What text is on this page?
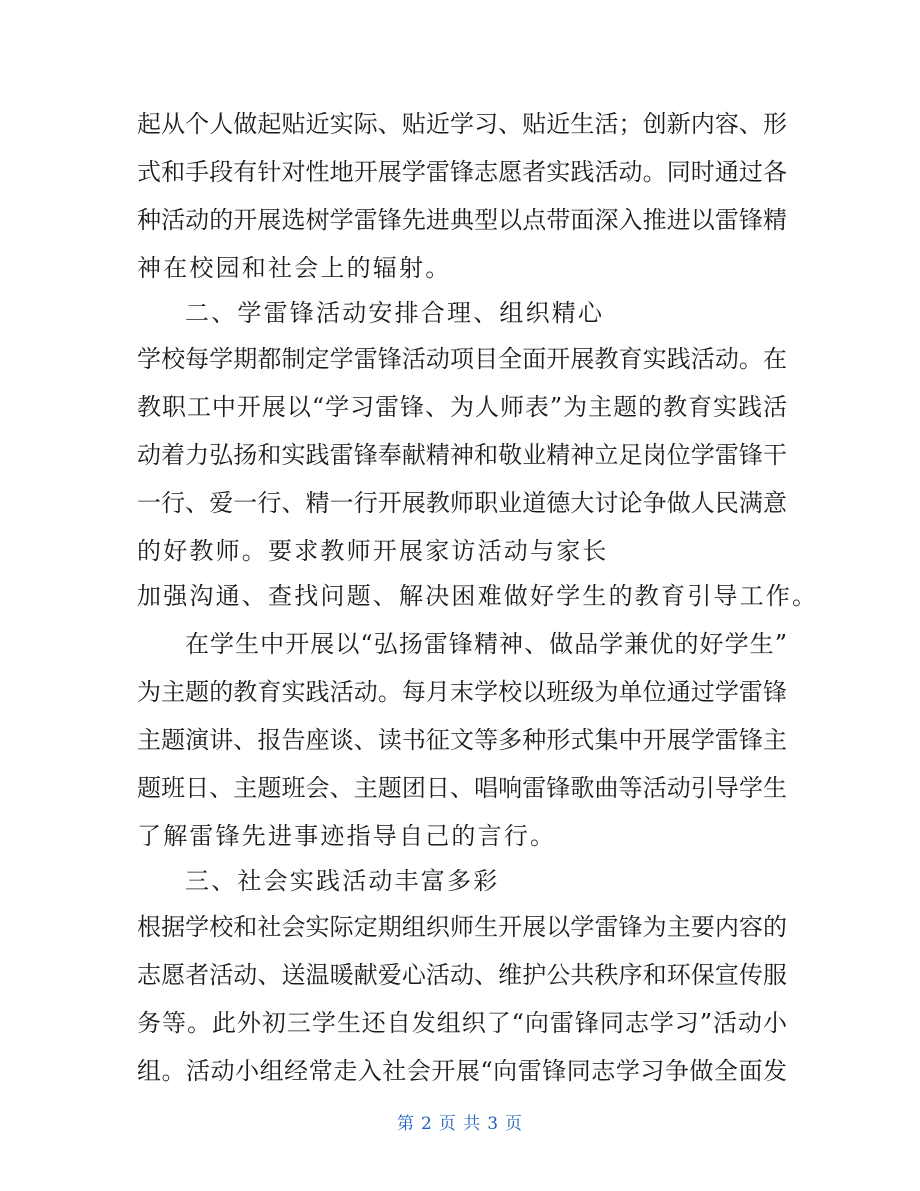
起从个人做起贴近实际、贴近学习、贴近生活；创新内容、形
式和手段有针对性地开展学雷锋志愿者实践活动。同时通过各
种活动的开展选树学雷锋先进典型以点带面深入推进以雷锋精
神在校园和社会上的辐射。
二、学雷锋活动安排合理、组织精心
学校每学期都制定学雷锋活动项目全面开展教育实践活动。在
教职工中开展以“学习雷锋、为人师表”为主题的教育实践活
动着力弘扬和实践雷锋奉献精神和敬业精神立足岗位学雷锋干
一行、爱一行、精一行开展教师职业道德大讨论争做人民满意
的好教师。要求教师开展家访活动与家长
加强沟通、查找问题、解决困难做好学生的教育引导工作。
在学生中开展以“弘扬雷锋精神、做品学兼优的好学生”
为主题的教育实践活动。每月末学校以班级为单位通过学雷锋
主题演讲、报告座谈、读书征文等多种形式集中开展学雷锋主
题班日、主题班会、主题团日、唱响雷锋歌曲等活动引导学生
了解雷锋先进事迹指导自己的言行。
三、社会实践活动丰富多彩
根据学校和社会实际定期组织师生开展以学雷锋为主要内容的
志愿者活动、送温暖献爱心活动、维护公共秩序和环保宣传服
务等。此外初三学生还自发组织了“向雷锋同志学习”活动小
组。活动小组经常走入社会开展“向雷锋同志学习争做全面发
第 2 页 共 3 页
